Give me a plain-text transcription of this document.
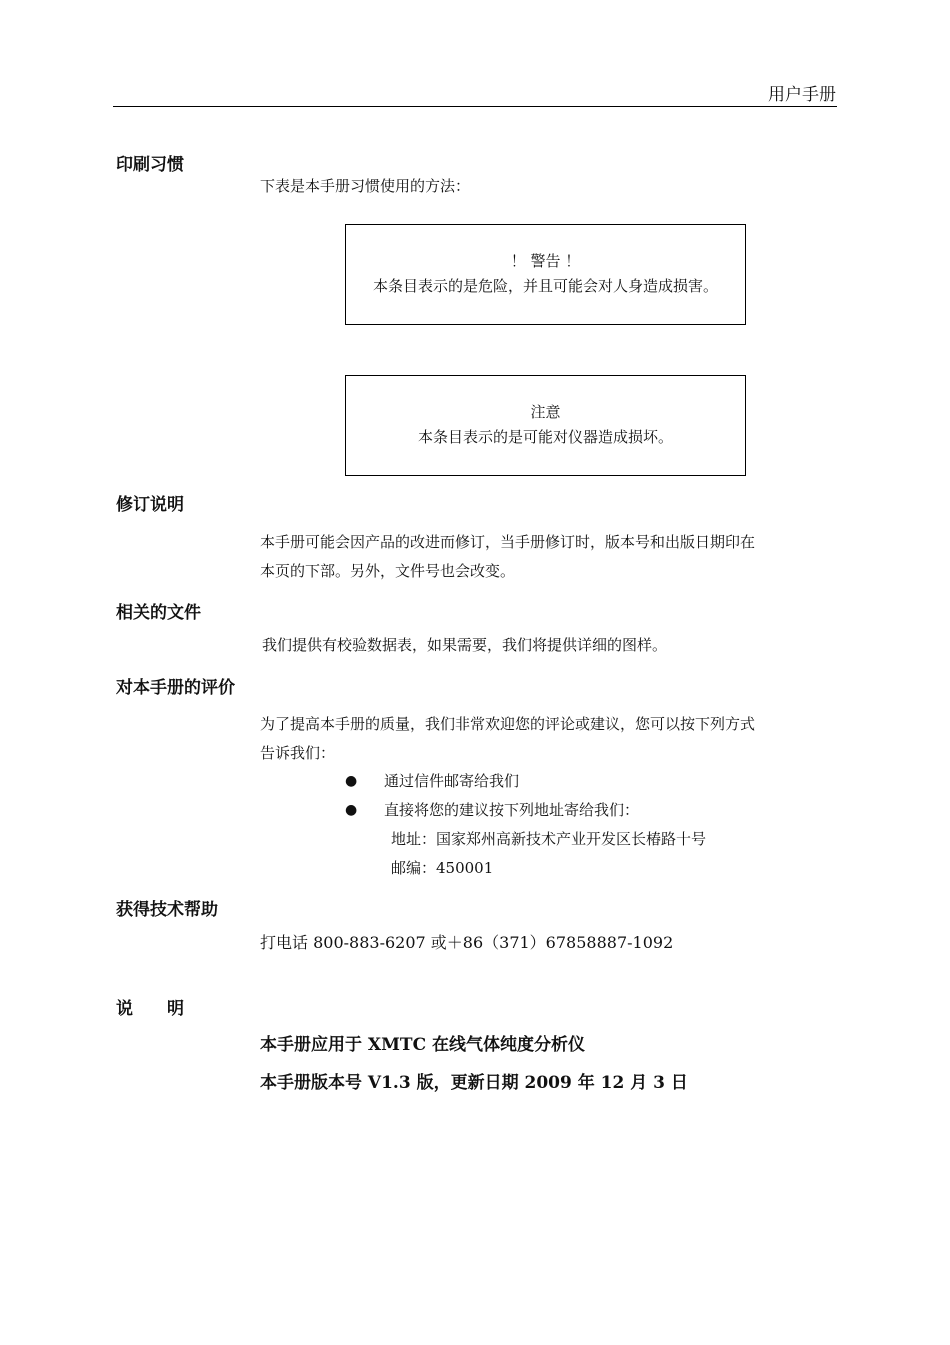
用户手册
印刷习惯
下表是本手册习惯使用的方法：
！ 警告 ！
本条目表示的是危险，并且可能会对人身造成损害。
注意
本条目表示的是可能对仪器造成损坏。
修订说明
本手册可能会因产品的改进而修订，当手册修订时，版本号和出版日期印在
本页的下部。另外，文件号也会改变。
相关的文件
我们提供有校验数据表，如果需要，我们将提供详细的图样。
对本手册的评价
为了提高本手册的质量，我们非常欢迎您的评论或建议，您可以按下列方式
告诉我们：
● 通过信件邮寄给我们
● 直接将您的建议按下列地址寄给我们：
地址：国家郑州高新技术产业开发区长椿路十号
邮编：450001
获得技术帮助
打电话 800-883-6207 或＋86（371）67858887-1092
说　　明
本手册应用于 XMTC 在线气体纯度分析仪
本手册版本号 V1.3 版，更新日期 2009 年 12 月 3 日
